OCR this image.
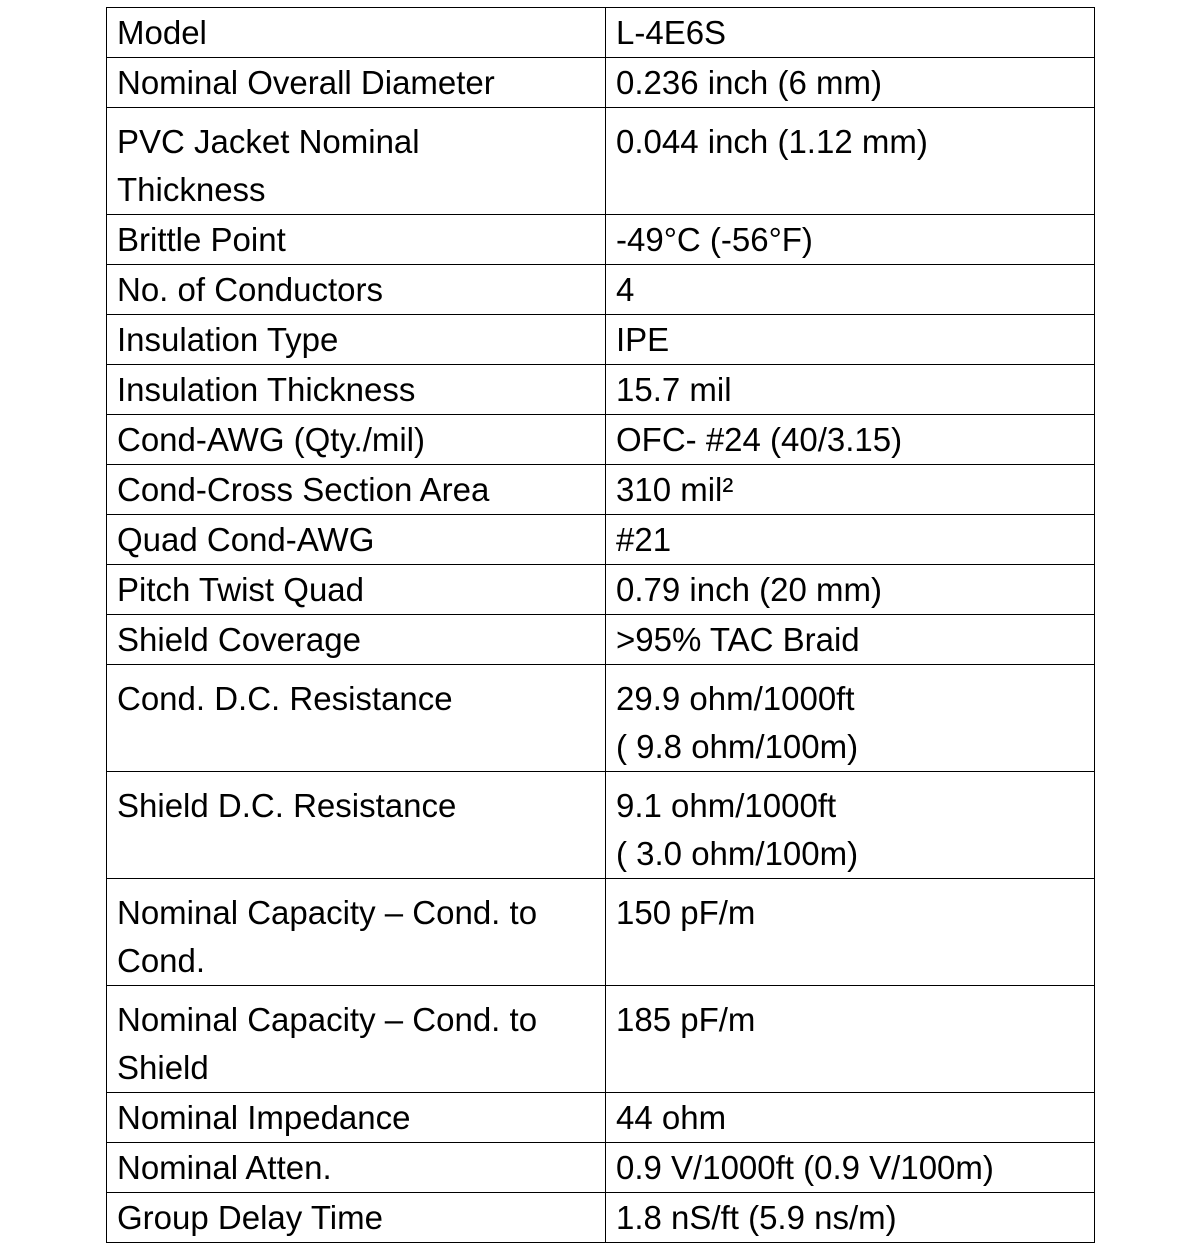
Model	L-4E6S
Nominal Overall Diameter	0.236 inch (6 mm)
PVC Jacket Nominal
Thickness	0.044 inch (1.12 mm)
Brittle Point	-49°C (-56°F)
No. of Conductors	4
Insulation Type	IPE
Insulation Thickness	15.7 mil
Cond-AWG (Qty./mil)	OFC- #24 (40/3.15)
Cond-Cross Section Area	310 mil²
Quad Cond-AWG	#21
Pitch Twist Quad	0.79 inch (20 mm)
Shield Coverage	>95% TAC Braid
Cond. D.C. Resistance	29.9 ohm/1000ft
( 9.8 ohm/100m)
Shield D.C. Resistance	9.1 ohm/1000ft
( 3.0 ohm/100m)
Nominal Capacity – Cond. to
Cond.	150 pF/m
Nominal Capacity – Cond. to
Shield	185 pF/m
Nominal Impedance	44 ohm
Nominal Atten.	0.9 V/1000ft (0.9 V/100m)
Group Delay Time	1.8 nS/ft (5.9 ns/m)
